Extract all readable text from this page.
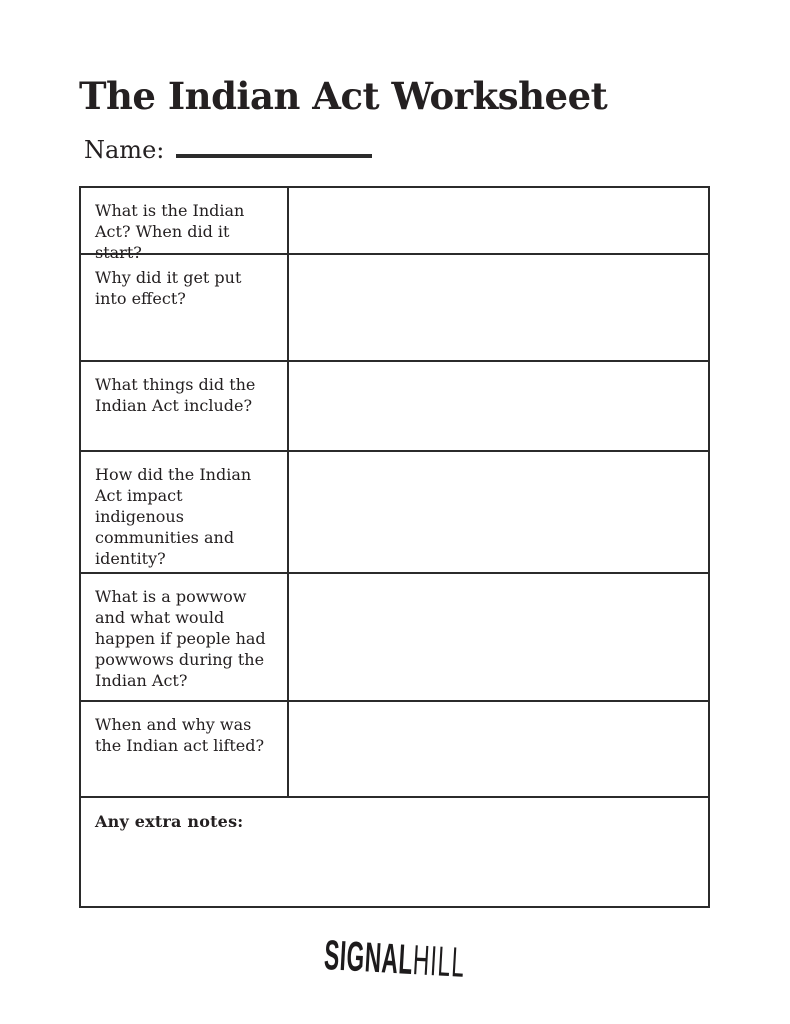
The Indian Act Worksheet
Name:
What is the Indian Act? When did it start?
Why did it get put into effect?
What things did the Indian Act include?
How did the Indian Act impact indigenous communities and identity?
What is a powwow and what would happen if people had powwows during the Indian Act?
When and why was the Indian act lifted?
Any extra notes:
SIGNALHILL
